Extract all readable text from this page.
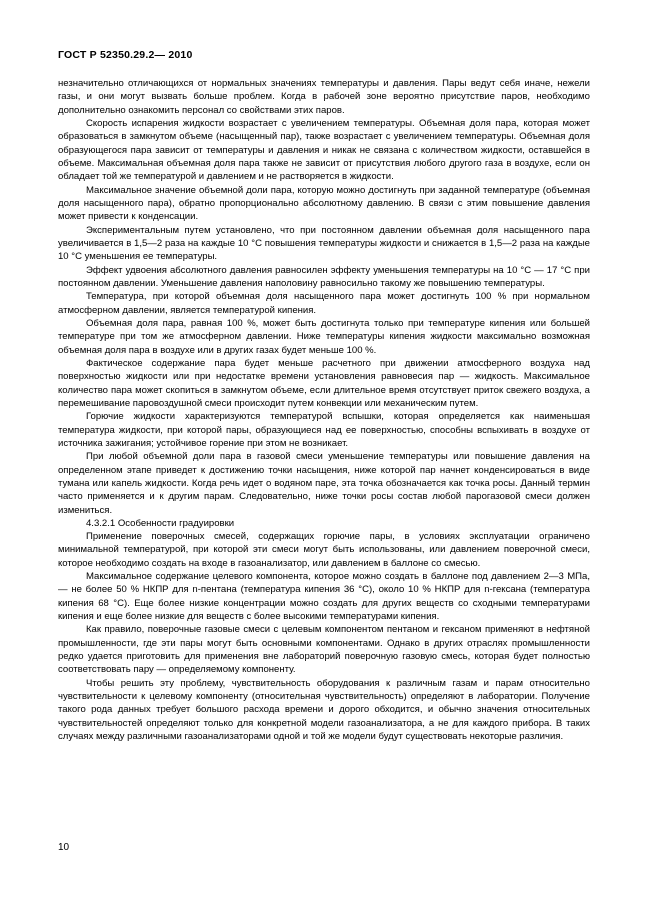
ГОСТ Р 52350.29.2— 2010

незначительно отличающихся от нормальных значениях температуры и давления. Пары ведут себя иначе, нежели газы, и они могут вызвать больше проблем. Когда в рабочей зоне вероятно присутствие паров, необходимо дополнительно ознакомить персонал со свойствами этих паров.

Скорость испарения жидкости возрастает с увеличением температуры. Объемная доля пара, которая может образоваться в замкнутом объеме (насыщенный пар), также возрастает с увеличением температуры. Объемная доля образующегося пара зависит от температуры и давления и никак не связана с количеством жидкости, оставшейся в объеме. Максимальная объемная доля пара также не зависит от присутствия любого другого газа в воздухе, если он обладает той же температурой и давлением и не растворяется в жидкости.

Максимальное значение объемной доли пара, которую можно достигнуть при заданной температуре (объемная доля насыщенного пара), обратно пропорционально абсолютному давлению. В связи с этим повышение давления может привести к конденсации.

Экспериментальным путем установлено, что при постоянном давлении объемная доля насыщенного пара увеличивается в 1,5—2 раза на каждые 10 °С повышения температуры жидкости и снижается в 1,5—2 раза на каждые 10 °С уменьшения ее температуры.

Эффект удвоения абсолютного давления равносилен эффекту уменьшения температуры на 10 °С — 17 °С при постоянном давлении. Уменьшение давления наполовину равносильно такому же повышению температуры.

Температура, при которой объемная доля насыщенного пара может достигнуть 100 % при нормальном атмосферном давлении, является температурой кипения.

Объемная доля пара, равная 100 %, может быть достигнута только при температуре кипения или большей температуре при том же атмосферном давлении. Ниже температуры кипения жидкости максимально возможная объемная доля пара в воздухе или в других газах будет меньше 100 %.

Фактическое содержание пара будет меньше расчетного при движении атмосферного воздуха над поверхностью жидкости или при недостатке времени установления равновесия пар — жидкость. Максимальное количество пара может скопиться в замкнутом объеме, если длительное время отсутствует приток свежего воздуха, а перемешивание паровоздушной смеси происходит путем конвекции или механическим путем.

Горючие жидкости характеризуются температурой вспышки, которая определяется как наименьшая температура жидкости, при которой пары, образующиеся над ее поверхностью, способны вспыхивать в воздухе от источника зажигания; устойчивое горение при этом не возникает.

При любой объемной доли пара в газовой смеси уменьшение температуры или повышение давления на определенном этапе приведет к достижению точки насыщения, ниже которой пар начнет конденсироваться в виде тумана или капель жидкости. Когда речь идет о водяном паре, эта точка обозначается как точка росы. Данный термин часто применяется и к другим парам. Следовательно, ниже точки росы состав любой парогазовой смеси должен измениться.

4.3.2.1 Особенности градуировки

Применение поверочных смесей, содержащих горючие пары, в условиях эксплуатации ограничено минимальной температурой, при которой эти смеси могут быть использованы, или давлением поверочной смеси, которое необходимо создать на входе в газоанализатор, или давлением в баллоне со смесью.

Максимальное содержание целевого компонента, которое можно создать в баллоне под давлением 2—3 МПа, — не более 50 % НКПР для n-пентана (температура кипения 36 °С), около 10 % НКПР для n-гексана (температура кипения 68 °С). Еще более низкие концентрации можно создать для других веществ со сходными температурами кипения и еще более низкие для веществ с более высокими температурами кипения.

Как правило, поверочные газовые смеси с целевым компонентом пентаном и гексаном применяют в нефтяной промышленности, где эти пары могут быть основными компонентами. Однако в других отраслях промышленности редко удается приготовить для применения вне лабораторий поверочную газовую смесь, которая будет полностью соответствовать пару — определяемому компоненту.

Чтобы решить эту проблему, чувствительность оборудования к различным газам и парам относительно чувствительности к целевому компоненту (относительная чувствительность) определяют в лаборатории. Получение такого рода данных требует большого расхода времени и дорого обходится, и обычно значения относительных чувствительностей определяют только для конкретной модели газоанализатора, а не для каждого прибора. В таких случаях между различными газоанализаторами одной и той же модели будут существовать некоторые различия.

10
